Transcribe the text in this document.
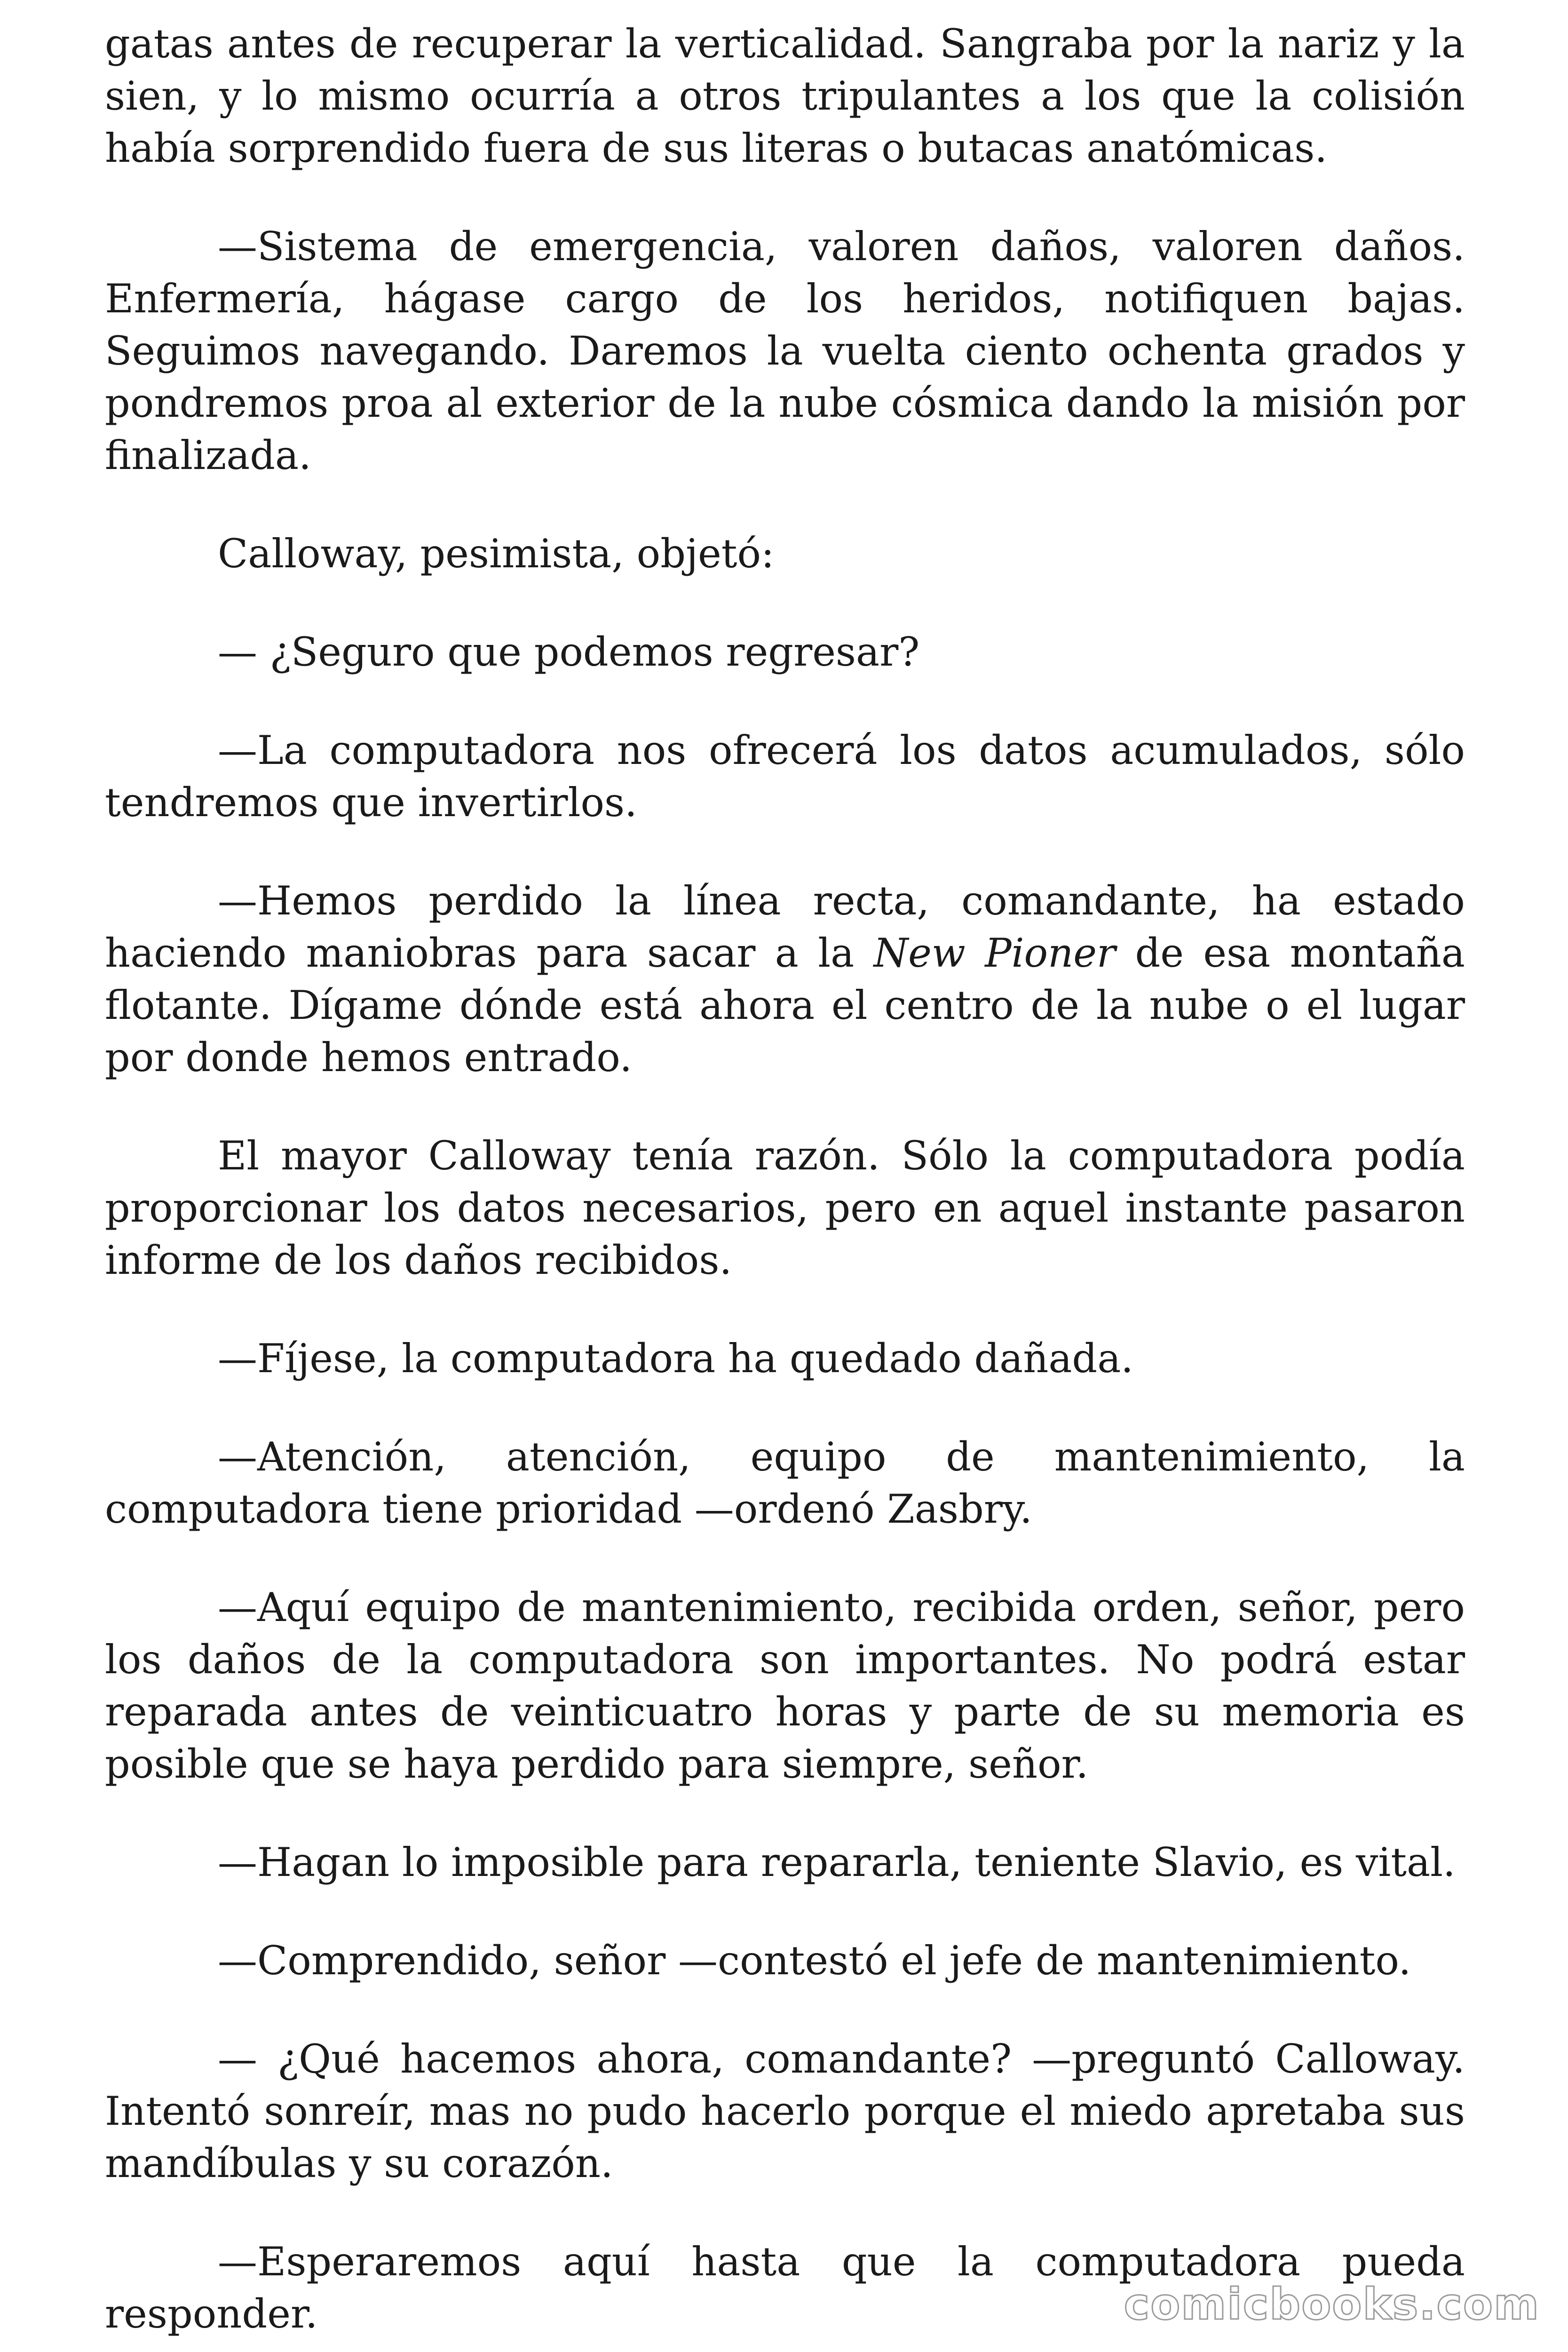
gatas antes de recuperar la verticalidad. Sangraba por la nariz y la sien, y lo mismo ocurría a otros tripulantes a los que la colisión había sorprendido fuera de sus literas o butacas anatómicas.

—Sistema de emergencia, valoren daños, valoren daños. Enfermería, hágase cargo de los heridos, notifiquen bajas. Seguimos navegando. Daremos la vuelta ciento ochenta grados y pondremos proa al exterior de la nube cósmica dando la misión por finalizada.

Calloway, pesimista, objetó:

— ¿Seguro que podemos regresar?

—La computadora nos ofrecerá los datos acumulados, sólo tendremos que invertirlos.

—Hemos perdido la línea recta, comandante, ha estado haciendo maniobras para sacar a la New Pioner de esa montaña flotante. Dígame dónde está ahora el centro de la nube o el lugar por donde hemos entrado.

El mayor Calloway tenía razón. Sólo la computadora podía proporcionar los datos necesarios, pero en aquel instante pasaron informe de los daños recibidos.

—Fíjese, la computadora ha quedado dañada.

—Atención, atención, equipo de mantenimiento, la computadora tiene prioridad —ordenó Zasbry.

—Aquí equipo de mantenimiento, recibida orden, señor, pero los daños de la computadora son importantes. No podrá estar reparada antes de veinticuatro horas y parte de su memoria es posible que se haya perdido para siempre, señor.

—Hagan lo imposible para repararla, teniente Slavio, es vital.

—Comprendido, señor —contestó el jefe de mantenimiento.

— ¿Qué hacemos ahora, comandante? —preguntó Calloway. Intentó sonreír, mas no pudo hacerlo porque el miedo apretaba sus mandíbulas y su corazón.

—Esperaremos aquí hasta que la computadora pueda responder.	comicbooks.com
